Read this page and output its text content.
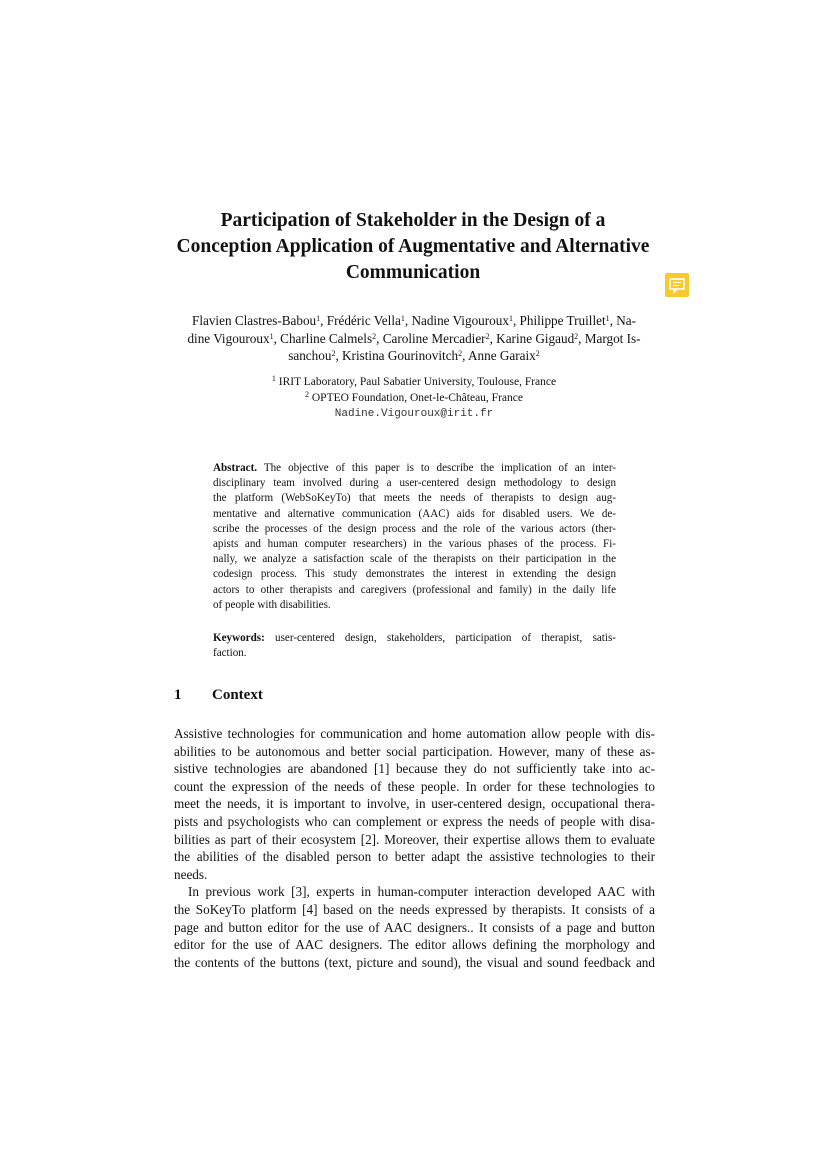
Participation of Stakeholder in the Design of a
Conception Application of Augmentative and Alternative
Communication
Flavien Clastres-Babou$^1$, Frédéric Vella$^1$, Nadine Vigouroux$^1$, Philippe Truillet$^1$, Na-
dine Vigouroux$^1$, Charline Calmels$^2$, Caroline Mercadier$^2$, Karine Gigaud$^2$, Margot Is-
sanchou$^2$, Kristina Gourinovitch$^2$, Anne Garaix$^2$
$^1$ IRIT Laboratory, Paul Sabatier University, Toulouse, France
$^2$ OPTEO Foundation, Onet-le-Château, France
Nadine.Vigouroux@irit.fr
Abstract. The objective of this paper is to describe the implication of an inter-
disciplinary team involved during a user-centered design methodology to design
the platform (WebSoKeyTo) that meets the needs of therapists to design aug-
mentative and alternative communication (AAC) aids for disabled users. We de-
scribe the processes of the design process and the role of the various actors (ther-
apists and human computer researchers) in the various phases of the process. Fi-
nally, we analyze a satisfaction scale of the therapists on their participation in the
codesign process. This study demonstrates the interest in extending the design
actors to other therapists and caregivers (professional and family) in the daily life
of people with disabilities.
Keywords: user-centered design, stakeholders, participation of therapist, satis-
faction.
1 Context
Assistive technologies for communication and home automation allow people with dis-
abilities to be autonomous and better social participation. However, many of these as-
sistive technologies are abandoned [1] because they do not sufficiently take into ac-
count the expression of the needs of these people. In order for these technologies to
meet the needs, it is important to involve, in user-centered design, occupational thera-
pists and psychologists who can complement or express the needs of people with disa-
bilities as part of their ecosystem [2]. Moreover, their expertise allows them to evaluate
the abilities of the disabled person to better adapt the assistive technologies to their
needs.
In previous work [3], experts in human-computer interaction developed AAC with
the SoKeyTo platform [4] based on the needs expressed by therapists. It consists of a
page and button editor for the use of AAC designers.. It consists of a page and button
editor for the use of AAC designers. The editor allows defining the morphology and
the contents of the buttons (text, picture and sound), the visual and sound feedback and
